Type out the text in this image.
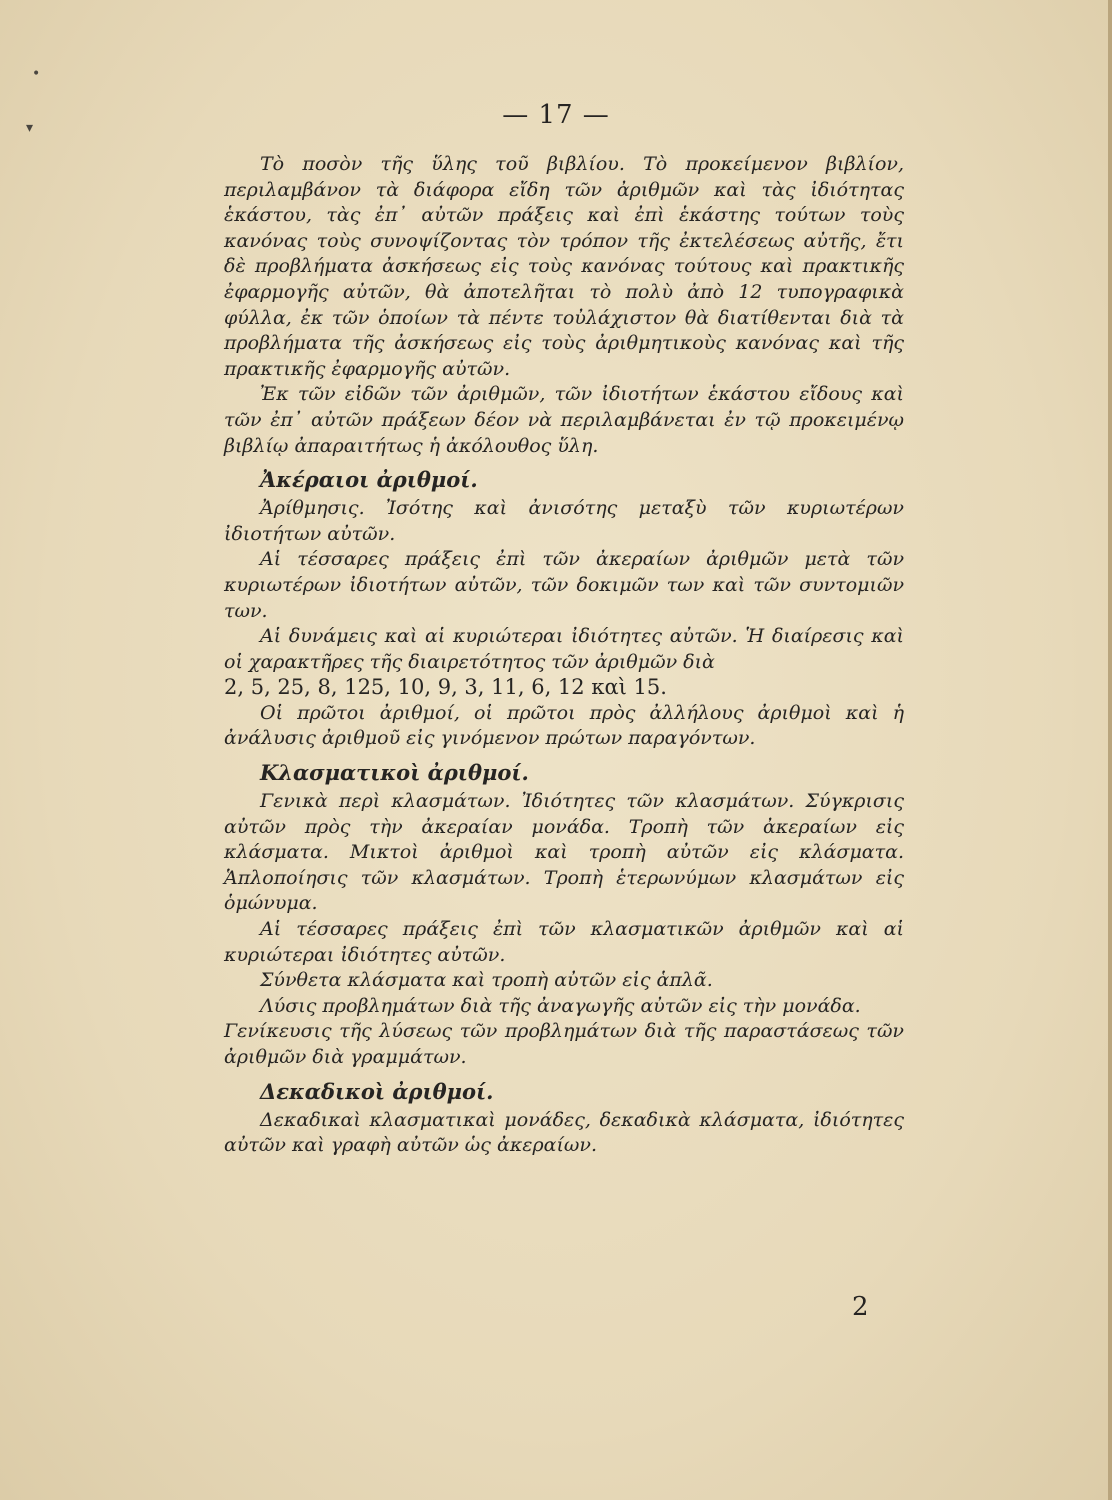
•
▾	— 17 —

Τὸ ποσὸν τῆς ὕλης τοῦ βιβλίου. Τὸ προκείμενον βιβλίον, περιλαμβάνον τὰ διάφορα εἴδη τῶν ἀριθμῶν καὶ τὰς ἰδιότητας ἑκάστου, τὰς ἐπ᾿ αὐτῶν πράξεις καὶ ἐπὶ ἑκάστης τούτων τοὺς κανόνας τοὺς συνοψίζοντας τὸν τρόπον τῆς ἐκτελέσεως αὐτῆς, ἔτι δὲ προβλήματα ἀσκήσεως εἰς τοὺς κανόνας τούτους καὶ πρακτικῆς ἐφαρμογῆς αὐτῶν, θὰ ἀποτελῆται τὸ πολὺ ἀπὸ 12 τυπογραφικὰ φύλλα, ἐκ τῶν ὁποίων τὰ πέντε τοὐλάχιστον θὰ διατίθενται διὰ τὰ προβλήματα τῆς ἀσκήσεως εἰς τοὺς ἀριθμητικοὺς κανόνας καὶ τῆς πρακτικῆς ἐφαρμογῆς αὐτῶν.

Ἐκ τῶν εἰδῶν τῶν ἀριθμῶν, τῶν ἰδιοτήτων ἑκάστου εἴδους καὶ τῶν ἐπ᾿ αὐτῶν πράξεων δέον νὰ περιλαμβάνεται ἐν τῷ προκειμένῳ βιβλίῳ ἀπαραιτήτως ἡ ἀκόλουθος ὕλη.

Ἀκέραιοι ἀριθμοί.

Ἀρίθμησις. Ἰσότης καὶ ἀνισότης μεταξὺ τῶν κυριωτέρων ἰδιοτήτων αὐτῶν.

Αἱ τέσσαρες πράξεις ἐπὶ τῶν ἀκεραίων ἀριθμῶν μετὰ τῶν κυριωτέρων ἰδιοτήτων αὐτῶν, τῶν δοκιμῶν των καὶ τῶν συντομιῶν των.

Αἱ δυνάμεις καὶ αἱ κυριώτεραι ἰδιότητες αὐτῶν. Ἡ διαίρεσις καὶ οἱ χαρακτῆρες τῆς διαιρετότητος τῶν ἀριθμῶν διὰ

2, 5, 25, 8, 125, 10, 9, 3, 11, 6, 12 καὶ 15.

Οἱ πρῶτοι ἀριθμοί, οἱ πρῶτοι πρὸς ἀλλήλους ἀριθμοὶ καὶ ἡ ἀνάλυσις ἀριθμοῦ εἰς γινόμενον πρώτων παραγόντων.

Κλασματικοὶ ἀριθμοί.

Γενικὰ περὶ κλασμάτων. Ἰδιότητες τῶν κλασμάτων. Σύγκρισις αὐτῶν πρὸς τὴν ἀκεραίαν μονάδα. Τροπὴ τῶν ἀκεραίων εἰς κλάσματα. Μικτοὶ ἀριθμοὶ καὶ τροπὴ αὐτῶν εἰς κλάσματα. Ἁπλοποίησις τῶν κλασμάτων. Τροπὴ ἑτερωνύμων κλασμάτων εἰς ὁμώνυμα.

Αἱ τέσσαρες πράξεις ἐπὶ τῶν κλασματικῶν ἀριθμῶν καὶ αἱ κυριώτεραι ἰδιότητες αὐτῶν.

Σύνθετα κλάσματα καὶ τροπὴ αὐτῶν εἰς ἁπλᾶ.

Λύσις προβλημάτων διὰ τῆς ἀναγωγῆς αὐτῶν εἰς τὴν μονάδα.

Γενίκευσις τῆς λύσεως τῶν προβλημάτων διὰ τῆς παραστάσεως τῶν ἀριθμῶν διὰ γραμμάτων.

Δεκαδικοὶ ἀριθμοί.

Δεκαδικαὶ κλασματικαὶ μονάδες, δεκαδικὰ κλάσματα, ἰδιότητες αὐτῶν καὶ γραφὴ αὐτῶν ὡς ἀκεραίων.

2
